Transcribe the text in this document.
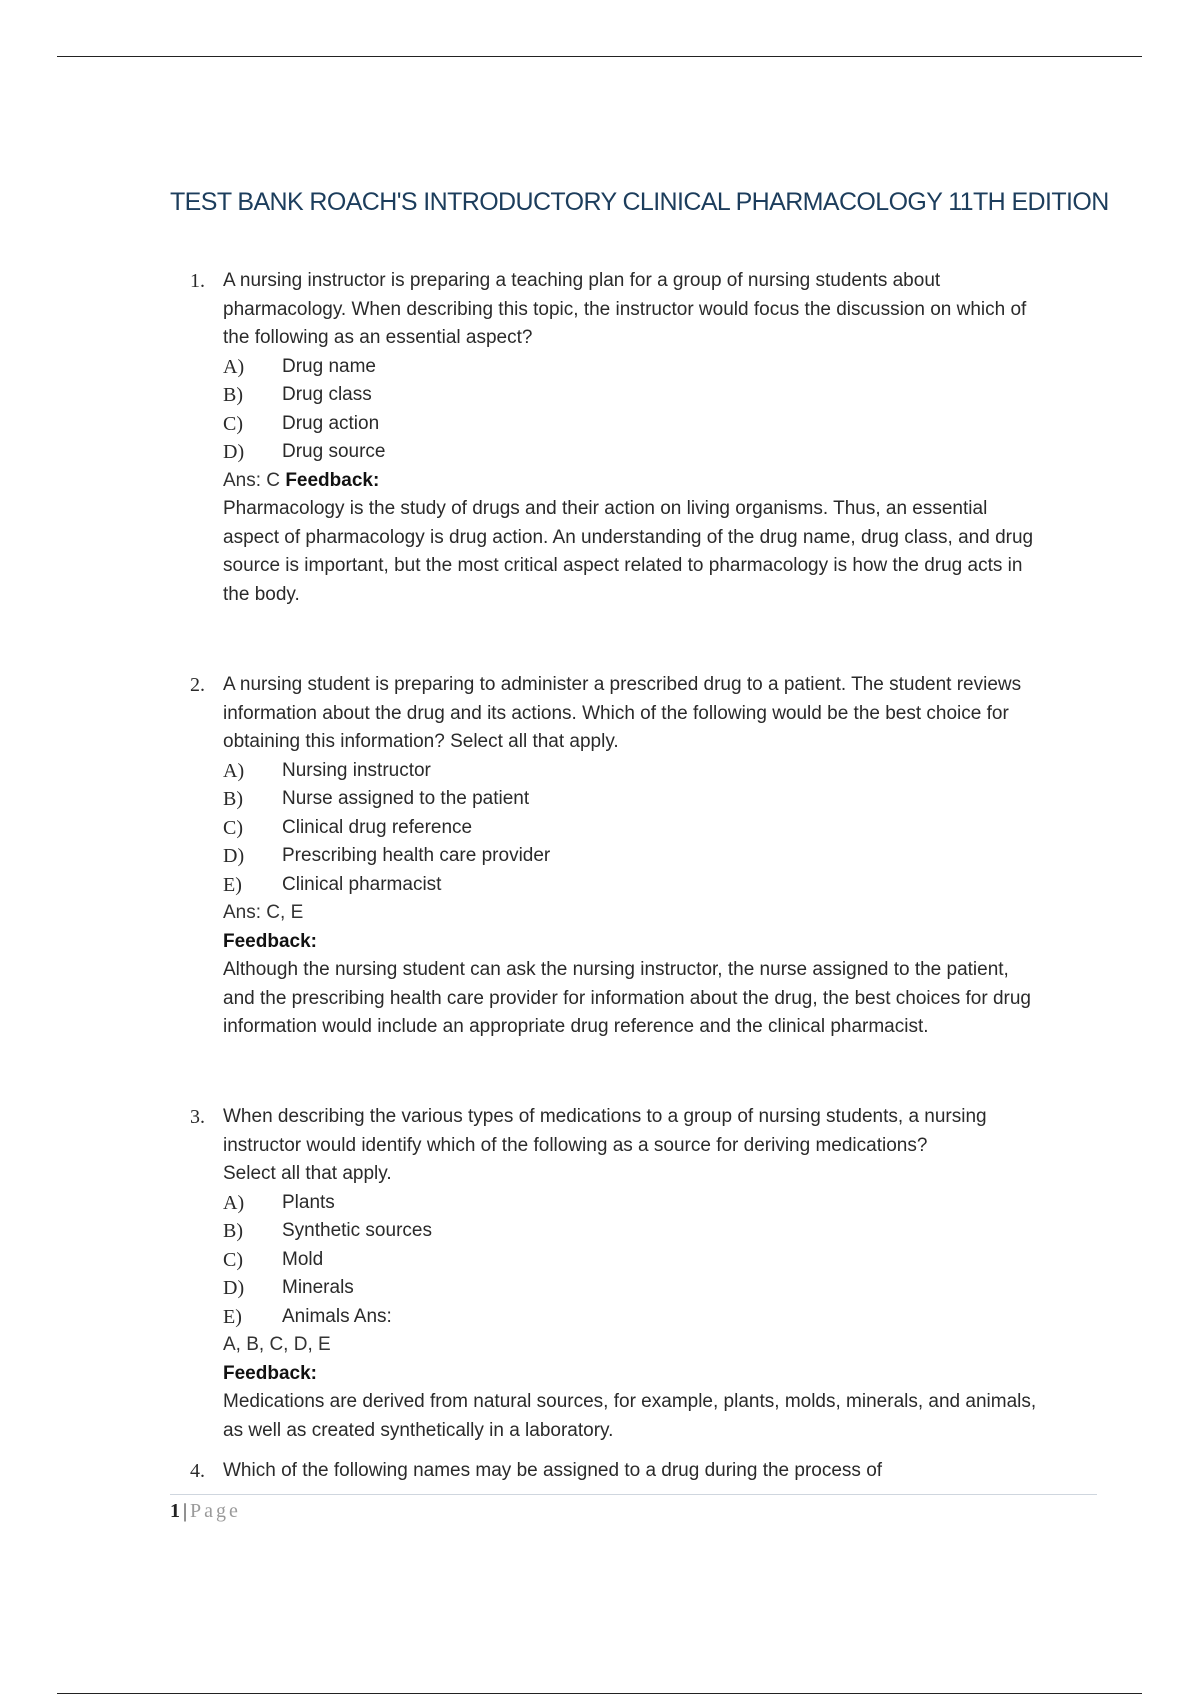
TEST BANK ROACH'S INTRODUCTORY CLINICAL PHARMACOLOGY 11TH EDITION
1. A nursing instructor is preparing a teaching plan for a group of nursing students about

pharmacology. When describing this topic, the instructor would focus the discussion on which of

the following as an essential aspect?

A)	Drug name
B)	Drug class
C)	Drug action
D)	Drug source

Ans: C Feedback:

Pharmacology is the study of drugs and their action on living organisms. Thus, an essential

aspect of pharmacology is drug action. An understanding of the drug name, drug class, and drug

source is important, but the most critical aspect related to pharmacology is how the drug acts in

the body.

2. A nursing student is preparing to administer a prescribed drug to a patient. The student reviews

information about the drug and its actions. Which of the following would be the best choice for

obtaining this information? Select all that apply.

A)	Nursing instructor
B)	Nurse assigned to the patient
C)	Clinical drug reference
D)	Prescribing health care provider
E)	Clinical pharmacist

Ans: C, E

Feedback:

Although the nursing student can ask the nursing instructor, the nurse assigned to the patient,

and the prescribing health care provider for information about the drug, the best choices for drug

information would include an appropriate drug reference and the clinical pharmacist.

3. When describing the various types of medications to a group of nursing students, a nursing

instructor would identify which of the following as a source for deriving medications?

Select all that apply.

A)	Plants
B)	Synthetic sources
C)	Mold
D)	Minerals
E)	Animals Ans:

A, B, C, D, E

Feedback:

Medications are derived from natural sources, for example, plants, molds, minerals, and animals,

as well as created synthetically in a laboratory.

4. Which of the following names may be assigned to a drug during the process of

1 | Page
